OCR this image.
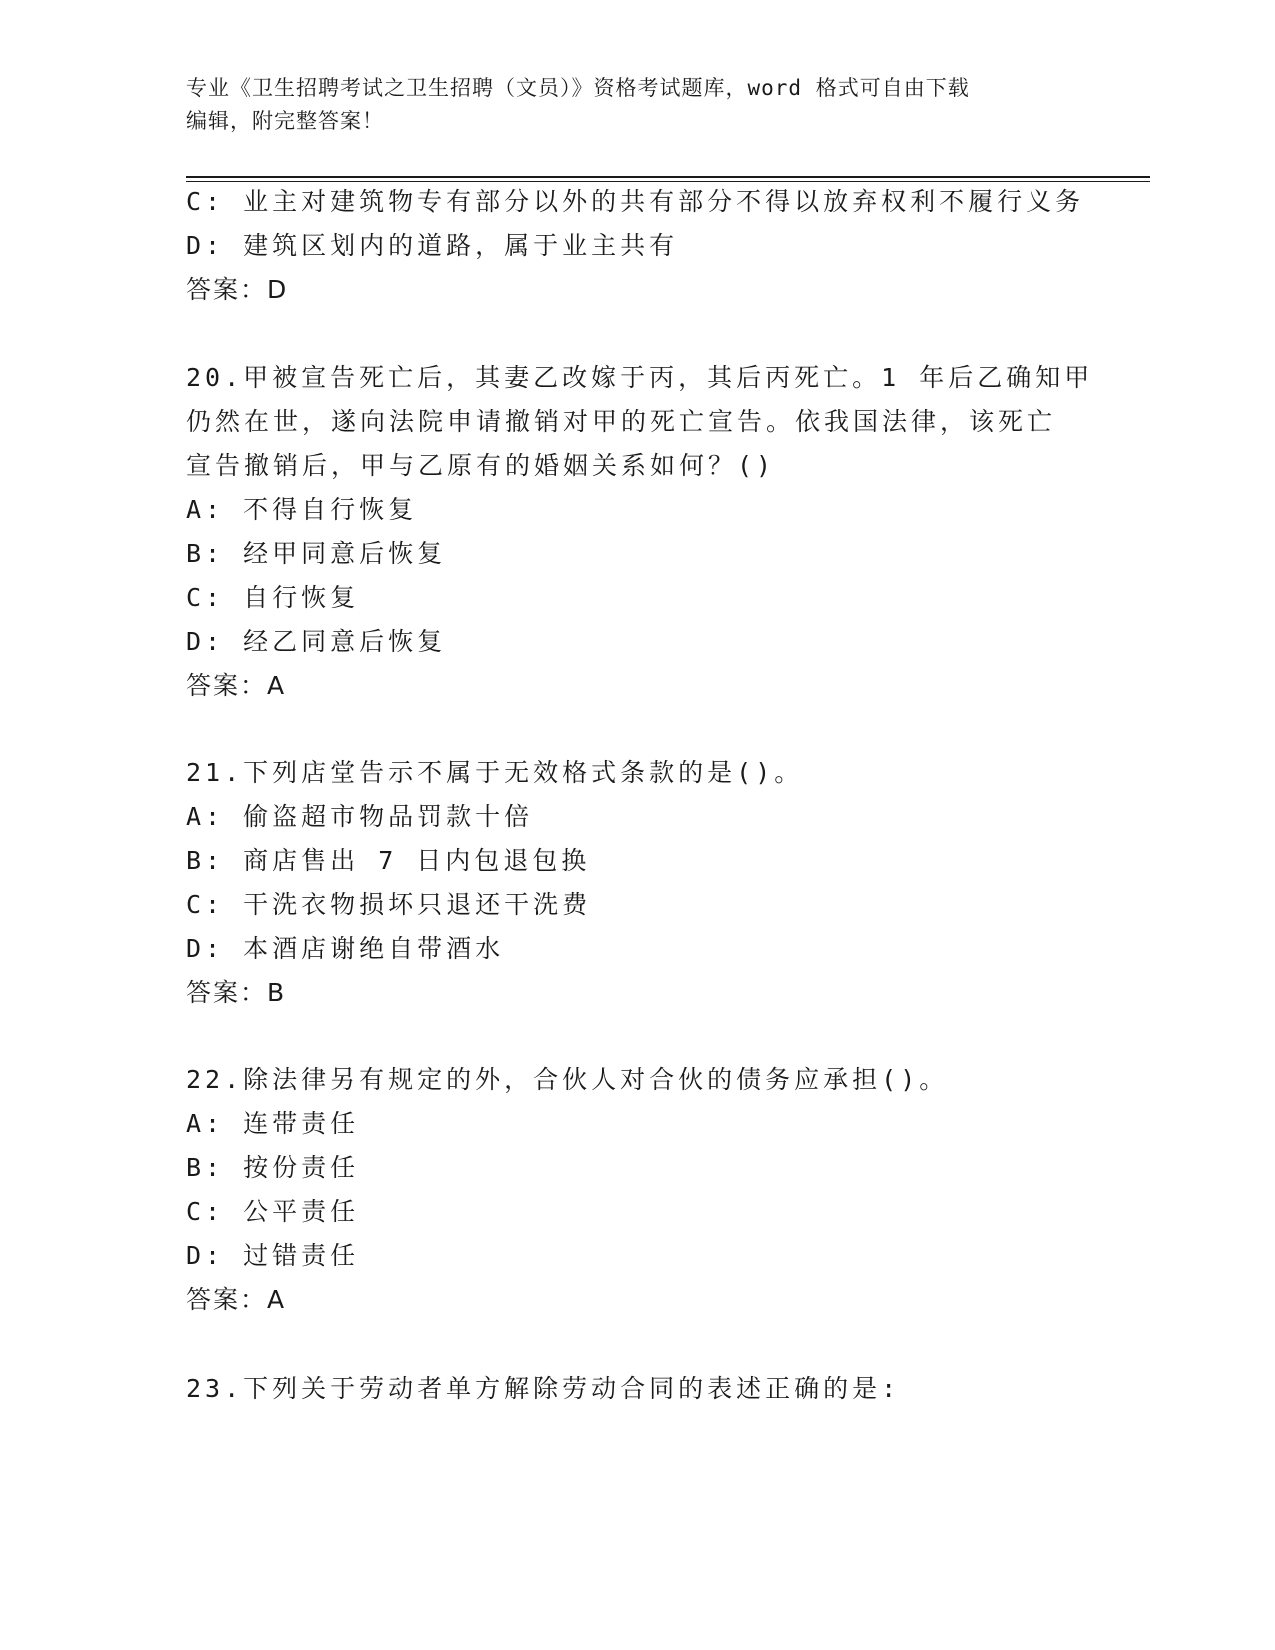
专业《卫生招聘考试之卫生招聘（文员）》资格考试题库，word 格式可自由下载
编辑，附完整答案！
C: 业主对建筑物专有部分以外的共有部分不得以放弃权利不履行义务
D: 建筑区划内的道路，属于业主共有
答案：D
20.甲被宣告死亡后，其妻乙改嫁于丙，其后丙死亡。1 年后乙确知甲
仍然在世，遂向法院申请撤销对甲的死亡宣告。依我国法律，该死亡
宣告撤销后，甲与乙原有的婚姻关系如何？()
A: 不得自行恢复
B: 经甲同意后恢复
C: 自行恢复
D: 经乙同意后恢复
答案：A
21.下列店堂告示不属于无效格式条款的是()。
A: 偷盗超市物品罚款十倍
B: 商店售出 7 日内包退包换
C: 干洗衣物损坏只退还干洗费
D: 本酒店谢绝自带酒水
答案：B
22.除法律另有规定的外，合伙人对合伙的债务应承担()。
A: 连带责任
B: 按份责任
C: 公平责任
D: 过错责任
答案：A
23.下列关于劳动者单方解除劳动合同的表述正确的是:
